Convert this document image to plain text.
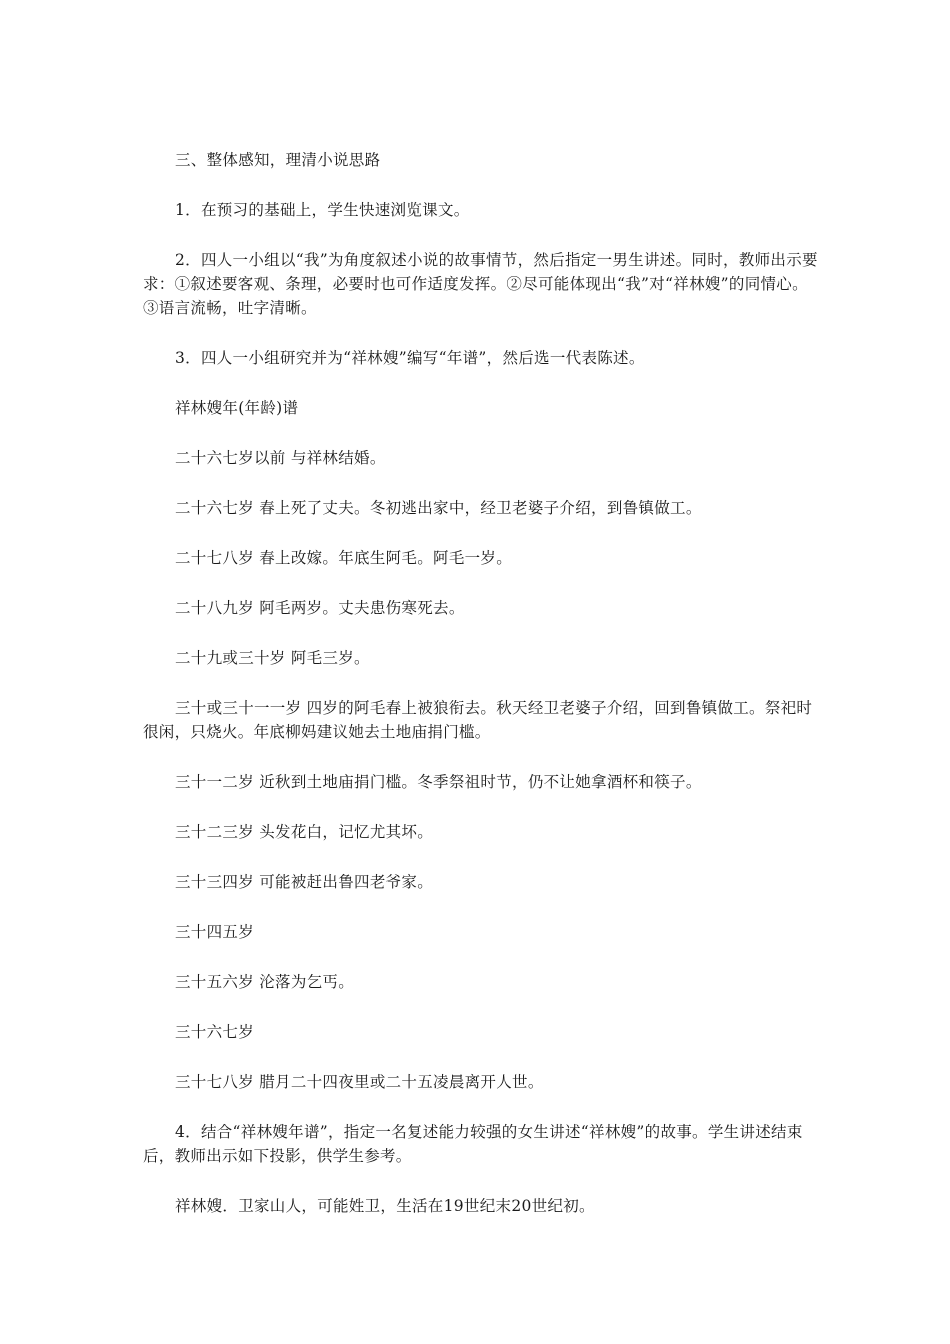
三、整体感知，理清小说思路

1．在预习的基础上，学生快速浏览课文。

2．四人一小组以“我”为角度叙述小说的故事情节，然后指定一男生讲述。同时，教师出示要求：①叙述要客观、条理，必要时也可作适度发挥。②尽可能体现出“我”对“祥林嫂”的同情心。③语言流畅，吐字清晰。

3．四人一小组研究并为“祥林嫂”编写“年谱”，然后选一代表陈述。

祥林嫂年(年龄)谱

二十六七岁以前 与祥林结婚。

二十六七岁 春上死了丈夫。冬初逃出家中，经卫老婆子介绍，到鲁镇做工。

二十七八岁 春上改嫁。年底生阿毛。阿毛一岁。

二十八九岁 阿毛两岁。丈夫患伤寒死去。

二十九或三十岁 阿毛三岁。

三十或三十一一岁 四岁的阿毛春上被狼衔去。秋天经卫老婆子介绍，回到鲁镇做工。祭祀时很闲，只烧火。年底柳妈建议她去土地庙捐门槛。

三十一二岁 近秋到土地庙捐门槛。冬季祭祖时节，仍不让她拿酒杯和筷子。

三十二三岁 头发花白，记忆尤其坏。

三十三四岁 可能被赶出鲁四老爷家。

三十四五岁

三十五六岁 沦落为乞丐。

三十六七岁

三十七八岁 腊月二十四夜里或二十五凌晨离开人世。

4．结合“祥林嫂年谱”，指定一名复述能力较强的女生讲述“祥林嫂”的故事。学生讲述结束后，教师出示如下投影，供学生参考。

祥林嫂．卫家山人，可能姓卫，生活在19世纪末20世纪初。
